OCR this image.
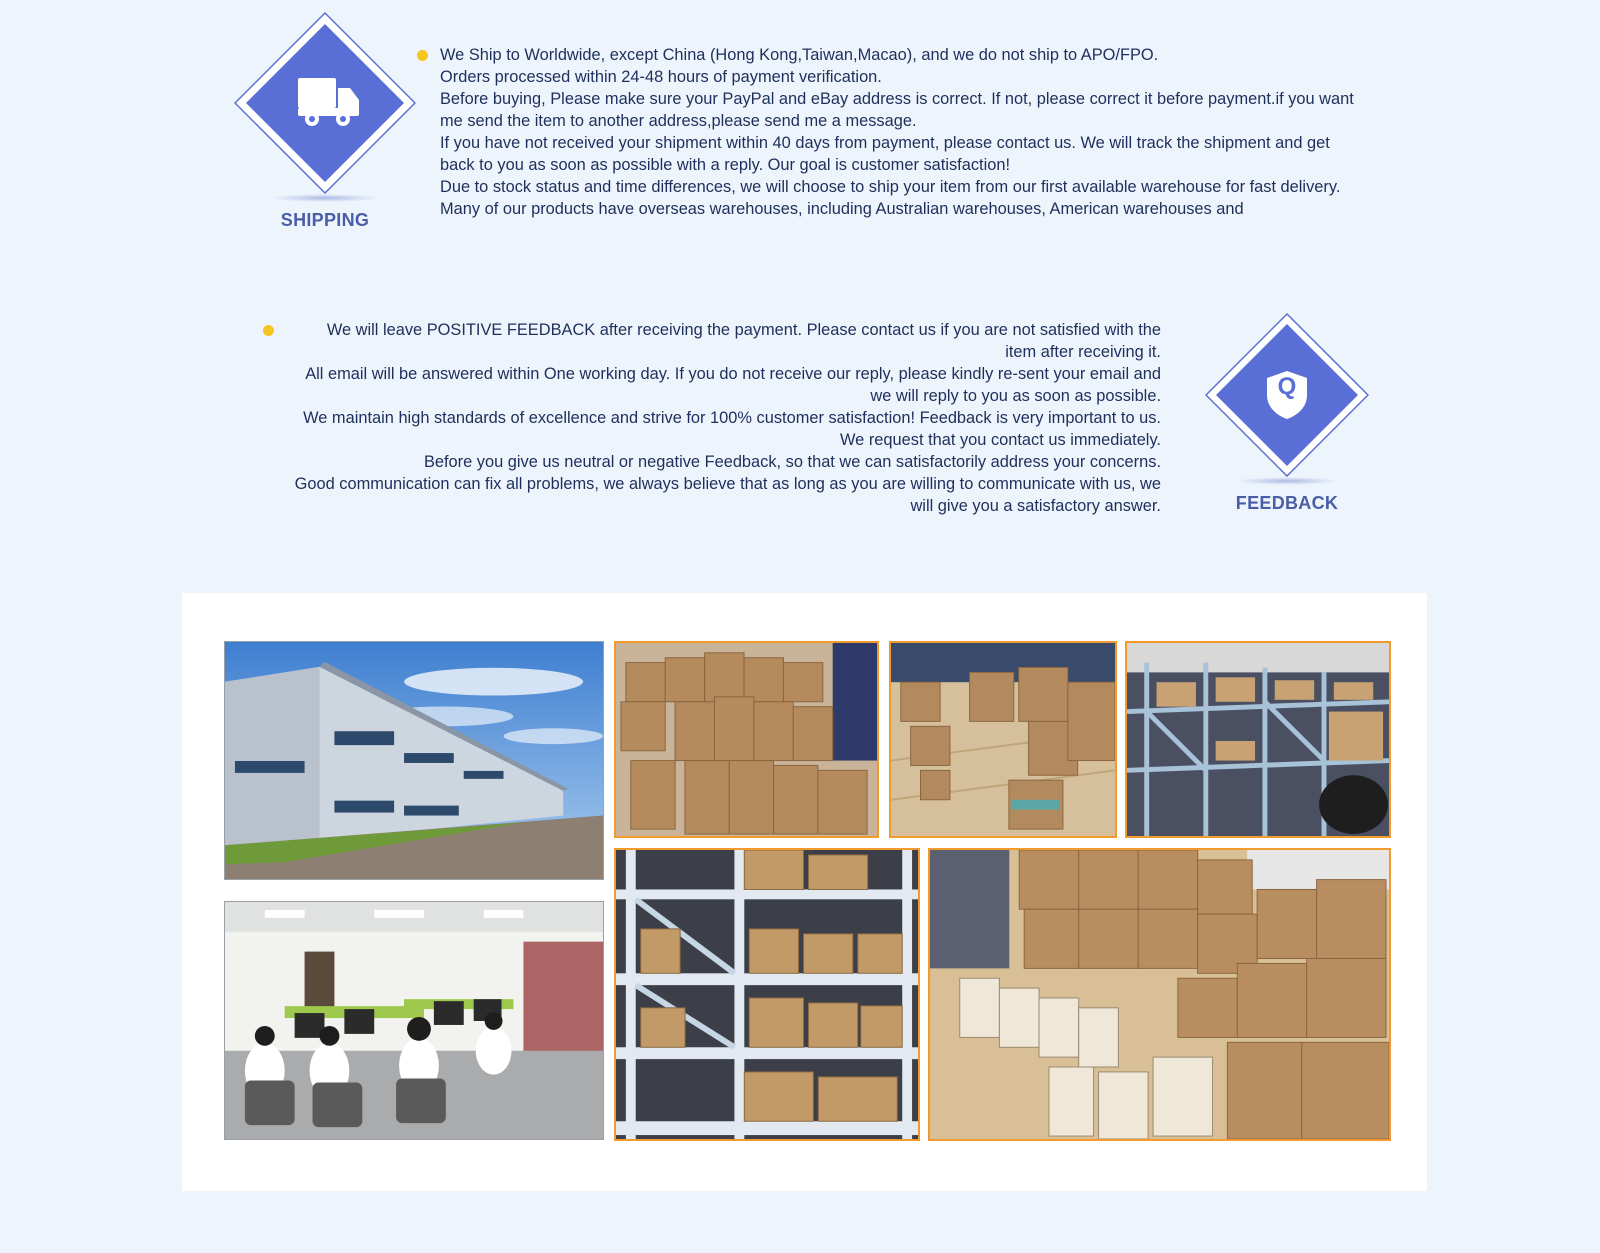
SHIPPING
We Ship to Worldwide, except China (Hong Kong,Taiwan,Macao), and we do not ship to APO/FPO.
Orders processed within 24-48 hours of payment verification.
Before buying, Please make sure your PayPal and eBay address is correct. If not, please correct it before payment.if you want
me send the item to another address,please send me a message.
If you have not received your shipment within 40 days from payment, please contact us. We will track the shipment and get
back to you as soon as possible with a reply. Our goal is customer satisfaction!
Due to stock status and time differences, we will choose to ship your item from our first available warehouse for fast delivery.
Many of our products have overseas warehouses, including Australian warehouses, American warehouses and
We will leave POSITIVE FEEDBACK after receiving the payment. Please contact us if you are not satisfied with the
item after receiving it.
All email will be answered within One working day. If you do not receive our reply, please kindly re-sent your email and
we will reply to you as soon as possible.
We maintain high standards of excellence and strive for 100% customer satisfaction! Feedback is very important to us.
We request that you contact us immediately.
Before you give us neutral or negative Feedback, so that we can satisfactorily address your concerns.
Good communication can fix all problems, we always believe that as long as you are willing to communicate with us, we
will give you a satisfactory answer.
Q
FEEDBACK
